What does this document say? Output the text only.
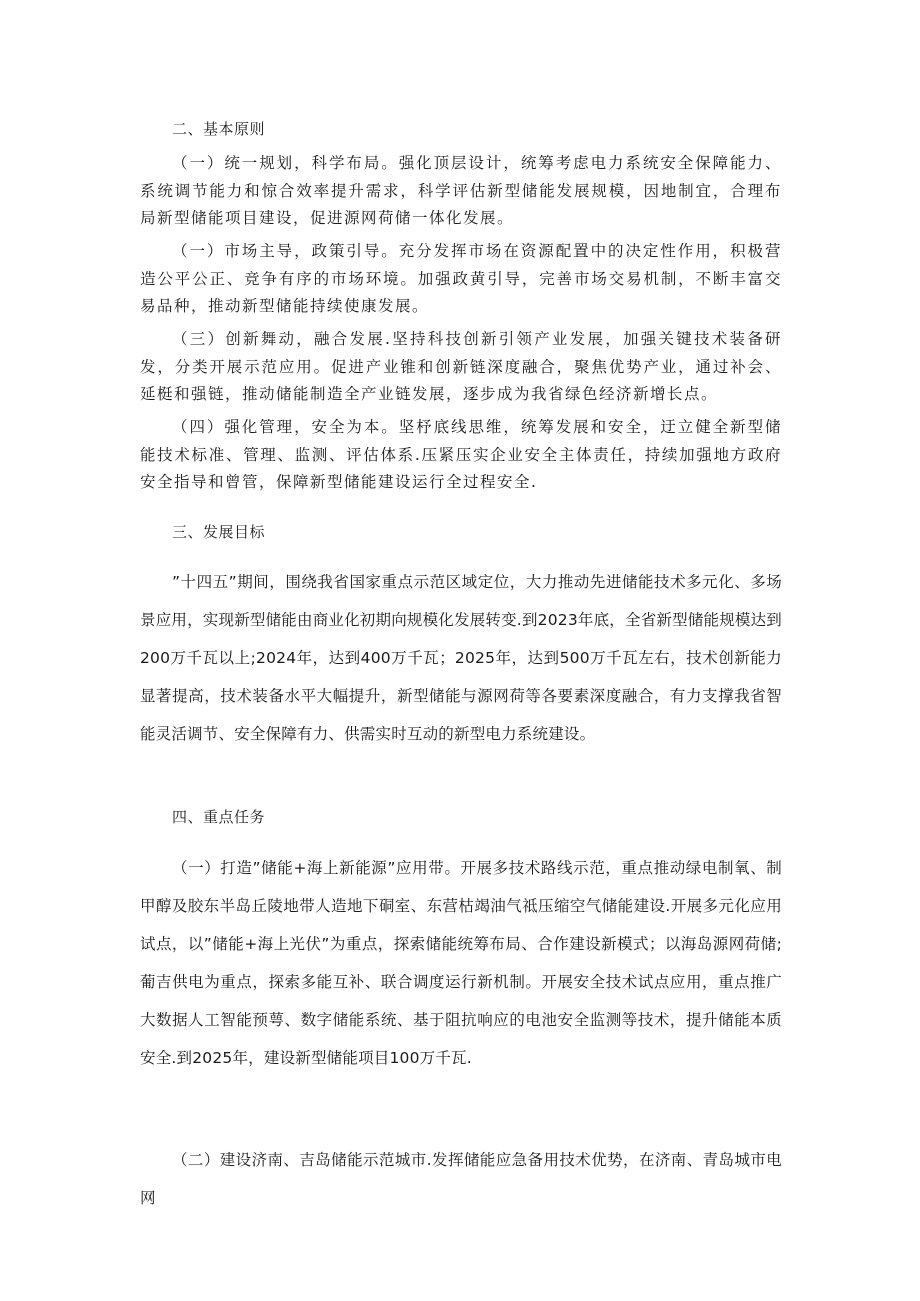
二、基本原则

（一）统一规划，科学布局。强化顶层设计，统筹考虑电力系统安全保障能力、系统调节能力和惊合效率提升需求，科学评估新型储能发展规模，因地制宜，合理布局新型储能项目建设，促进源网荷储一体化发展。

（一）市场主导，政策引导。充分发挥市场在资源配置中的决定性作用，积极营造公平公正、竞争有序的市场环境。加强政黄引导，完善市场交易机制，不断丰富交易品种，推动新型储能持续使康发展。

（三）创新舞动，融合发展.坚持科技创新引领产业发展，加强关键技术装备研发，分类开展示范应用。促进产业锥和创新链深度融合，聚焦优势产业，通过补会、延梃和强链，推动储能制造全产业链发展，逐步成为我省绿色经济新增长点。

（四）强化管理，安全为本。坚杼底线思维，统筹发展和安全，迂立健全新型储能技术标准、管理、监测、评估体系.压紧压实企业安全主体责任，持续加强地方政府安全指导和曾管，保障新型储能建设运行全过程安全.

三、发展目标

”十四五”期间，围绕我省国家重点示范区域定位，大力推动先进储能技术多元化、多场景应用，实现新型储能由商业化初期向规模化发展转变.到2023年底，全省新型储能规模达到200万千瓦以上;2024年，达到400万千瓦；2025年，达到500万千瓦左右，技术创新能力显著提高，技术装备水平大幅提升，新型储能与源网荷等各要素深度融合，有力支撑我省智能灵活调节、安全保障有力、供需实时互动的新型电力系统建设。

四、重点任务

（一）打造”储能+海上新能源”应用带。开展多技术路线示范，重点推动绿电制氧、制甲醇及胶东半岛丘陵地带人造地下硐室、东营枯竭油气祗压缩空气储能建设.开展多元化应用试点，以”储能+海上光伏”为重点，探索储能统筹布局、合作建设新模式；以海岛源网荷储;葡吉供电为重点，探索多能互补、联合调度运行新机制。开展安全技术试点应用，重点推广大数据人工智能预萼、数字储能系统、基于阻抗响应的电池安全监测等技术，提升储能本质安全.到2025年，建设新型储能项目100万千瓦.

（二）建设济南、吉岛储能示范城市.发挥储能应急备用技术优势，在济南、青岛城市电网
